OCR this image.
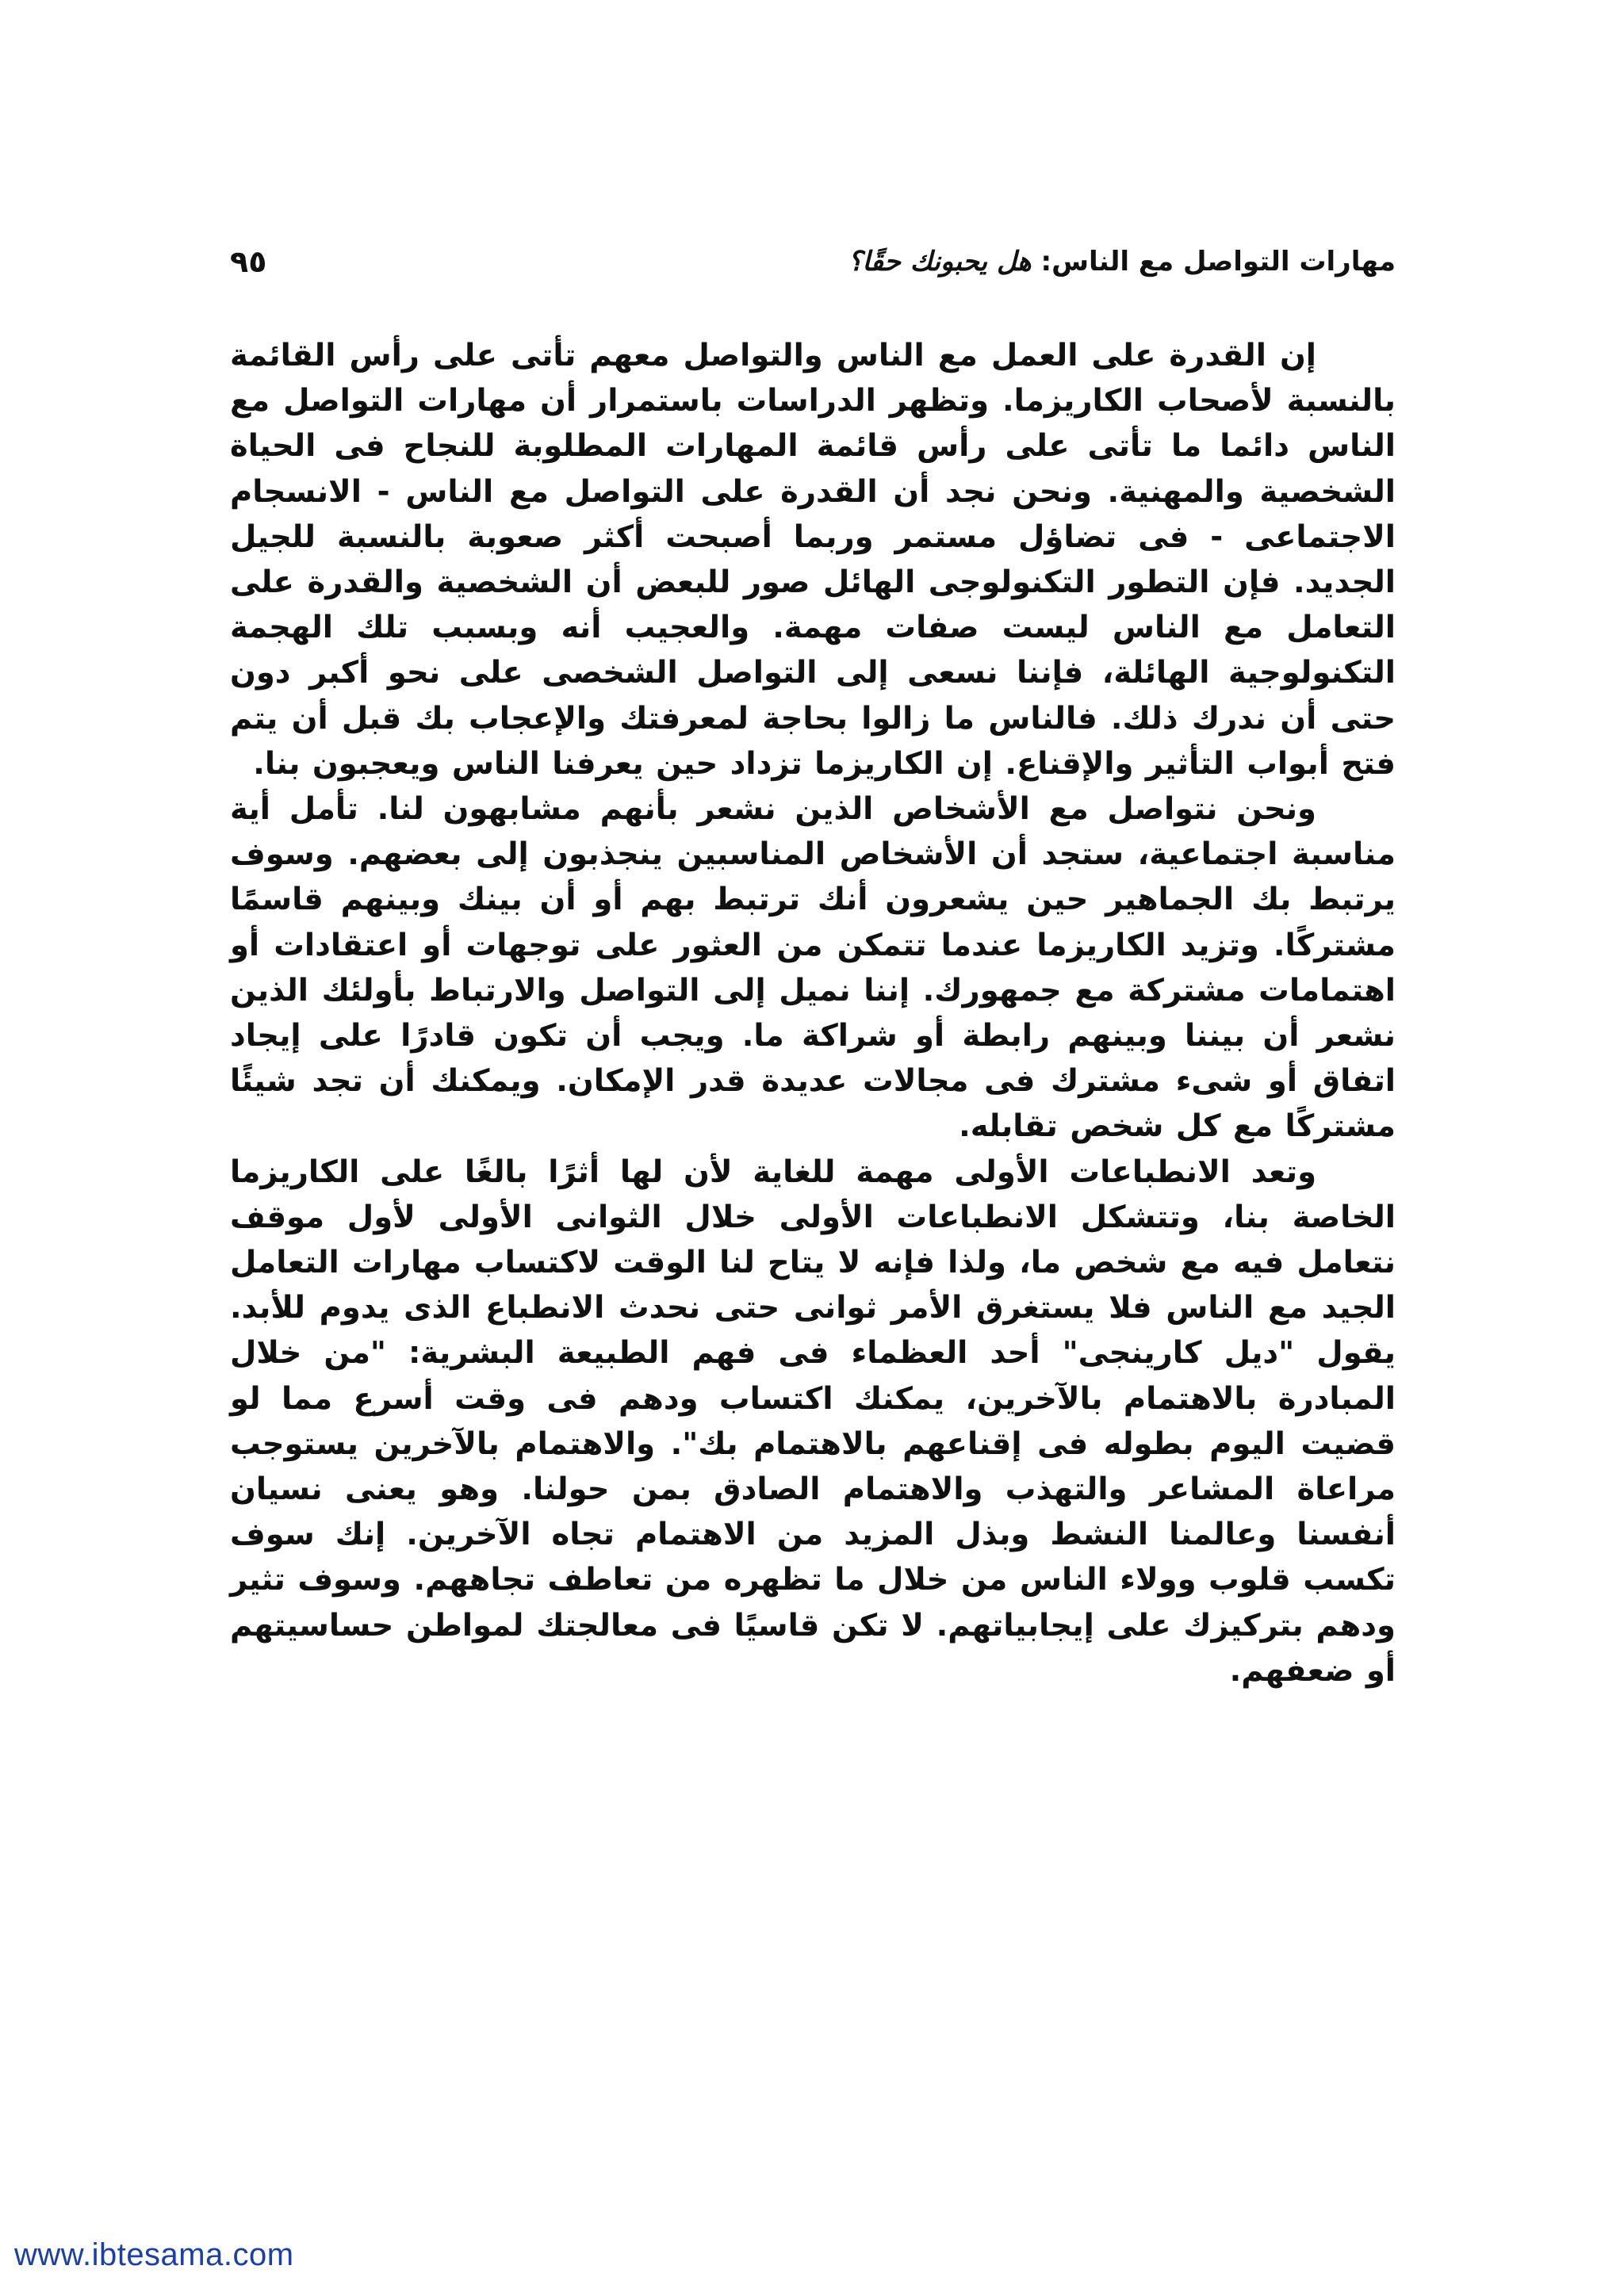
مهارات التواصل مع الناس: هل يحبونك حقًا؟
٩٥

إن القدرة على العمل مع الناس والتواصل معهم تأتى على رأس القائمة بالنسبة لأصحاب الكاريزما. وتظهر الدراسات باستمرار أن مهارات التواصل مع الناس دائما ما تأتى على رأس قائمة المهارات المطلوبة للنجاح فى الحياة الشخصية والمهنية. ونحن نجد أن القدرة على التواصل مع الناس - الانسجام الاجتماعى - فى تضاؤل مستمر وربما أصبحت أكثر صعوبة بالنسبة للجيل الجديد. فإن التطور التكنولوجى الهائل صور للبعض أن الشخصية والقدرة على التعامل مع الناس ليست صفات مهمة. والعجيب أنه وبسبب تلك الهجمة التكنولوجية الهائلة، فإننا نسعى إلى التواصل الشخصى على نحو أكبر دون حتى أن ندرك ذلك. فالناس ما زالوا بحاجة لمعرفتك والإعجاب بك قبل أن يتم فتح أبواب التأثير والإقناع. إن الكاريزما تزداد حين يعرفنا الناس ويعجبون بنا.

ونحن نتواصل مع الأشخاص الذين نشعر بأنهم مشابهون لنا. تأمل أية مناسبة اجتماعية، ستجد أن الأشخاص المناسبين ينجذبون إلى بعضهم. وسوف يرتبط بك الجماهير حين يشعرون أنك ترتبط بهم أو أن بينك وبينهم قاسمًا مشتركًا. وتزيد الكاريزما عندما تتمكن من العثور على توجهات أو اعتقادات أو اهتمامات مشتركة مع جمهورك. إننا نميل إلى التواصل والارتباط بأولئك الذين نشعر أن بيننا وبينهم رابطة أو شراكة ما. ويجب أن تكون قادرًا على إيجاد اتفاق أو شىء مشترك فى مجالات عديدة قدر الإمكان. ويمكنك أن تجد شيئًا مشتركًا مع كل شخص تقابله.

وتعد الانطباعات الأولى مهمة للغاية لأن لها أثرًا بالغًا على الكاريزما الخاصة بنا، وتتشكل الانطباعات الأولى خلال الثوانى الأولى لأول موقف نتعامل فيه مع شخص ما، ولذا فإنه لا يتاح لنا الوقت لاكتساب مهارات التعامل الجيد مع الناس فلا يستغرق الأمر ثوانى حتى نحدث الانطباع الذى يدوم للأبد. يقول "ديل كارينجى" أحد العظماء فى فهم الطبيعة البشرية: "من خلال المبادرة بالاهتمام بالآخرين، يمكنك اكتساب ودهم فى وقت أسرع مما لو قضيت اليوم بطوله فى إقناعهم بالاهتمام بك". والاهتمام بالآخرين يستوجب مراعاة المشاعر والتهذب والاهتمام الصادق بمن حولنا. وهو يعنى نسيان أنفسنا وعالمنا النشط وبذل المزيد من الاهتمام تجاه الآخرين. إنك سوف تكسب قلوب وولاء الناس من خلال ما تظهره من تعاطف تجاههم. وسوف تثير ودهم بتركيزك على إيجابياتهم. لا تكن قاسيًا فى معالجتك لمواطن حساسيتهم أو ضعفهم.

www.ibtesama.com
